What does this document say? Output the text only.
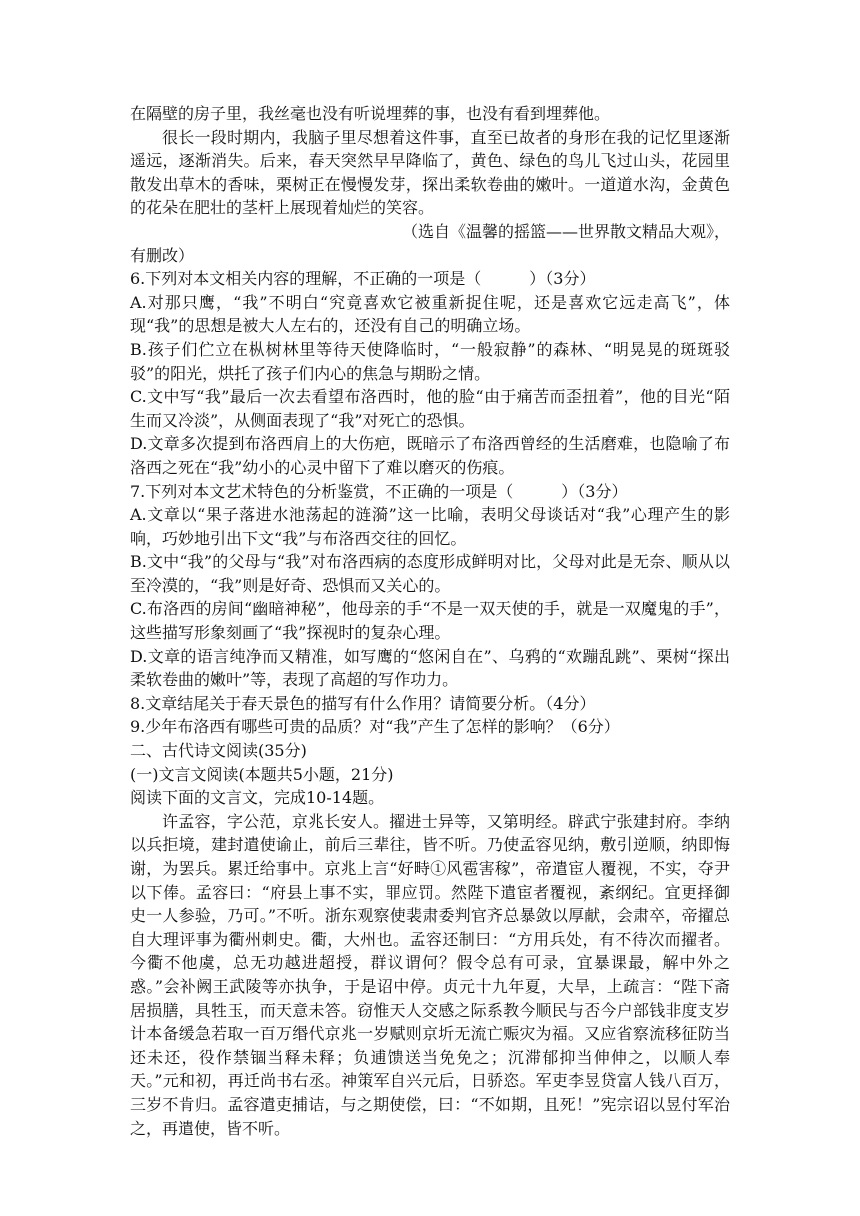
在隔壁的房子里，我丝毫也没有听说埋葬的事，也没有看到埋葬他。

很长一段时期内，我脑子里尽想着这件事，直至已故者的身形在我的记忆里逐渐遥远，逐渐消失。后来，春天突然早早降临了，黄色、绿色的鸟儿飞过山头，花园里散发出草木的香味，栗树正在慢慢发芽，探出柔软卷曲的嫩叶。一道道水沟，金黄色的花朵在肥壮的茎杆上展现着灿烂的笑容。

（选自《温馨的摇篮——世界散文精品大观》，

有删改）

6.下列对本文相关内容的理解，不正确的一项是（　　　）（3分）

A.对那只鹰，“我”不明白“究竟喜欢它被重新捉住呢，还是喜欢它远走高飞”，体现“我”的思想是被大人左右的，还没有自己的明确立场。

B.孩子们伫立在枞树林里等待天使降临时，“一般寂静”的森林、“明晃晃的斑斑驳驳”的阳光，烘托了孩子们内心的焦急与期盼之情。

C.文中写“我”最后一次去看望布洛西时，他的脸“由于痛苦而歪扭着”，他的目光“陌生而又冷淡”，从侧面表现了“我”对死亡的恐惧。

D.文章多次提到布洛西肩上的大伤疤，既暗示了布洛西曾经的生活磨难，也隐喻了布洛西之死在“我”幼小的心灵中留下了难以磨灭的伤痕。

7.下列对本文艺术特色的分析鉴赏，不正确的一项是（　　　）（3分）

A.文章以“果子落进水池荡起的涟漪”这一比喻，表明父母谈话对“我”心理产生的影响，巧妙地引出下文“我”与布洛西交往的回忆。

B.文中“我”的父母与“我”对布洛西病的态度形成鲜明对比，父母对此是无奈、顺从以至冷漠的，“我”则是好奇、恐惧而又关心的。

C.布洛西的房间“幽暗神秘”，他母亲的手“不是一双天使的手，就是一双魔鬼的手”，这些描写形象刻画了“我”探视时的复杂心理。

D.文章的语言纯净而又精准，如写鹰的“悠闲自在”、乌鸦的“欢蹦乱跳”、栗树“探出柔软卷曲的嫩叶”等，表现了高超的写作功力。

8.文章结尾关于春天景色的描写有什么作用？请简要分析。（4分）

9.少年布洛西有哪些可贵的品质？对“我”产生了怎样的影响？（6分）

二、古代诗文阅读(35分)

(一)文言文阅读(本题共5小题，21分)

阅读下面的文言文，完成10-14题。

许孟容，字公范，京兆长安人。擢进士异等，又第明经。辟武宁张建封府。李纳以兵拒境，建封遣使谕止，前后三辈往，皆不听。乃使孟容见纳，敷引逆顺，纳即悔谢，为罢兵。累迁给事中。京兆上言“好畤①风雹害稼”，帝遣宦人覆视，不实，夺尹以下俸。孟容曰：“府县上事不实，罪应罚。然陛下遣宦者覆视，紊纲纪。宜更择御史一人参验，乃可。”不听。浙东观察使裴肃委判官齐总暴敛以厚献，会肃卒，帝擢总自大理评事为衢州刺史。衢，大州也。孟容还制曰：“方用兵处，有不待次而擢者。今衢不他虞，总无功越进超授，群议谓何？假令总有可录，宜暴课最，解中外之惑。”会补阙王武陵等亦执争，于是诏中停。贞元十九年夏，大旱，上疏言：“陛下斋居损膳，具牲玉，而天意未答。窃惟天人交感之际系教今顺民与否今户部钱非度支岁计本备缓急若取一百万缗代京兆一岁赋则京圻无流亡赈灾为福。又应省察流移征防当还未还，役作禁锢当释未释；负逋馈送当免免之；沉滞郁抑当伸伸之，以顺人奉天。”元和初，再迁尚书右丞。神策军自兴元后，日骄恣。军吏李昱贷富人钱八百万，三岁不肯归。孟容遣吏捕诘，与之期使偿，曰：“不如期，且死！”宪宗诏以昱付军治之，再遣使，皆不听。
